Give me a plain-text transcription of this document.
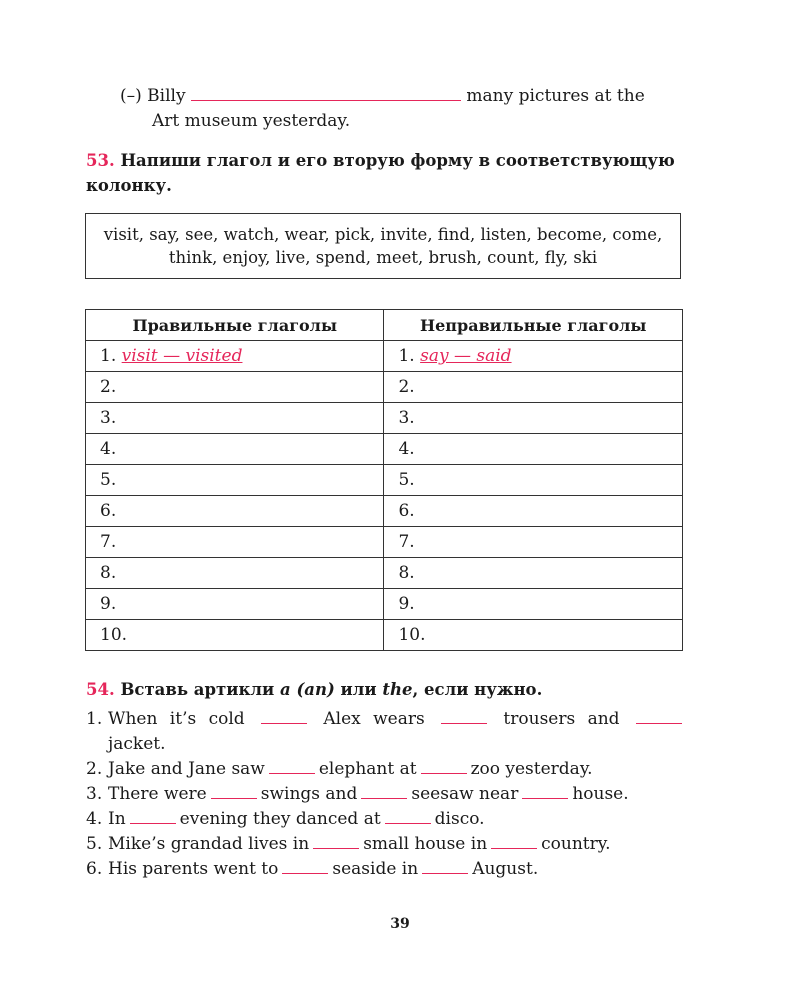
(–) Billy	many pictures at the
Art museum yesterday.
53. Напиши глагол и его вторую форму в соответствующую колонку.
visit, say, see, watch, wear, pick, invite, find, listen, become, come, think, enjoy, live, spend, meet, brush, count, fly, ski
Правильные глаголы	Неправильные глаголы
1. visit — visited	1. say — said
2.	2.
3.	3.
4.	4.
5.	5.
6.	6.
7.	7.
8.	8.
9.	9.
10.	10.
54. Вставь артикли a (an) или the, если нужно.
1. When it’s cold	Alex wears	trousers and
jacket.
2. Jake and Jane saw	elephant at	zoo yesterday.
3. There were	swings and	seesaw near	house.
4. In	evening they danced at	disco.
5. Mike’s grandad lives in	small house in	country.
6. His parents went to	seaside in	August.
39
